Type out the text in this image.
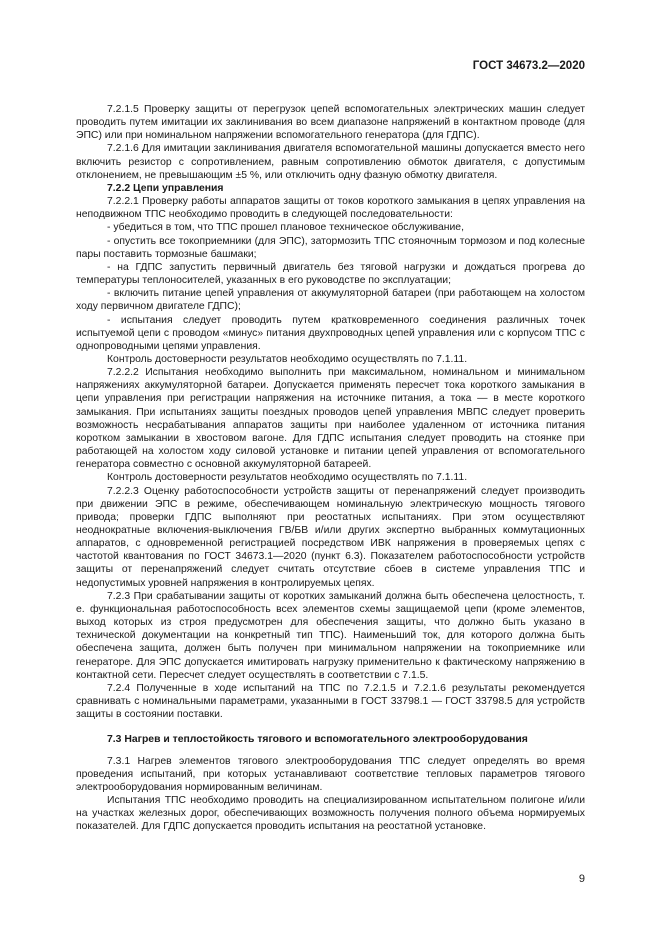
ГОСТ 34673.2—2020

7.2.1.5 Проверку защиты от перегрузок цепей вспомогательных электрических машин следует проводить путем имитации их заклинивания во всем диапазоне напряжений в контактном проводе (для ЭПС) или при номинальном напряжении вспомогательного генератора (для ГДПС).

7.2.1.6 Для имитации заклинивания двигателя вспомогательной машины допускается вместо него включить резистор с сопротивлением, равным сопротивлению обмоток двигателя, с допустимым отклонением, не превышающим ±5 %, или отключить одну фазную обмотку двигателя.

7.2.2 Цепи управления

7.2.2.1 Проверку работы аппаратов защиты от токов короткого замыкания в цепях управления на неподвижном ТПС необходимо проводить в следующей последовательности:

- убедиться в том, что ТПС прошел плановое техническое обслуживание,

- опустить все токоприемники (для ЭПС), затормозить ТПС стояночным тормозом и под колесные пары поставить тормозные башмаки;

- на ГДПС запустить первичный двигатель без тяговой нагрузки и дождаться прогрева до температуры теплоносителей, указанных в его руководстве по эксплуатации;

- включить питание цепей управления от аккумуляторной батареи (при работающем на холостом ходу первичном двигателе ГДПС);

- испытания следует проводить путем кратковременного соединения различных точек испытуемой цепи с проводом «минус» питания двухпроводных цепей управления или с корпусом ТПС с однопроводными цепями управления.

Контроль достоверности результатов необходимо осуществлять по 7.1.11.

7.2.2.2 Испытания необходимо выполнить при максимальном, номинальном и минимальном напряжениях аккумуляторной батареи. Допускается применять пересчет тока короткого замыкания в цепи управления при регистрации напряжения на источнике питания, а тока — в месте короткого замыкания. При испытаниях защиты поездных проводов цепей управления МВПС следует проверить возможность несрабатывания аппаратов защиты при наиболее удаленном от источника питания коротком замыкании в хвостовом вагоне. Для ГДПС испытания следует проводить на стоянке при работающей на холостом ходу силовой установке и питании цепей управления от вспомогательного генератора совместно с основной аккумуляторной батареей.

Контроль достоверности результатов необходимо осуществлять по 7.1.11.

7.2.2.3 Оценку работоспособности устройств защиты от перенапряжений следует производить при движении ЭПС в режиме, обеспечивающем номинальную электрическую мощность тягового привода; проверки ГДПС выполняют при реостатных испытаниях. При этом осуществляют неоднократные включения-выключения ГВ/БВ и/или других экспертно выбранных коммутационных аппаратов, с одновременной регистрацией посредством ИВК напряжения в проверяемых цепях с частотой квантования по ГОСТ 34673.1—2020 (пункт 6.3). Показателем работоспособности устройств защиты от перенапряжений следует считать отсутствие сбоев в системе управления ТПС и недопустимых уровней напряжения в контролируемых цепях.

7.2.3 При срабатывании защиты от коротких замыканий должна быть обеспечена целостность, т. е. функциональная работоспособность всех элементов схемы защищаемой цепи (кроме элементов, выход которых из строя предусмотрен для обеспечения защиты, что должно быть указано в технической документации на конкретный тип ТПС). Наименьший ток, для которого должна быть обеспечена защита, должен быть получен при минимальном напряжении на токоприемнике или генераторе. Для ЭПС допускается имитировать нагрузку применительно к фактическому напряжению в контактной сети. Пересчет следует осуществлять в соответствии с 7.1.5.

7.2.4 Полученные в ходе испытаний на ТПС по 7.2.1.5 и 7.2.1.6 результаты рекомендуется сравнивать с номинальными параметрами, указанными в ГОСТ 33798.1 — ГОСТ 33798.5 для устройств защиты в состоянии поставки.

7.3 Нагрев и теплостойкость тягового и вспомогательного электрооборудования

7.3.1 Нагрев элементов тягового электрооборудования ТПС следует определять во время проведения испытаний, при которых устанавливают соответствие тепловых параметров тягового электрооборудования нормированным величинам.

Испытания ТПС необходимо проводить на специализированном испытательном полигоне и/или на участках железных дорог, обеспечивающих возможность получения полного объема нормируемых показателей. Для ГДПС допускается проводить испытания на реостатной установке.

9
